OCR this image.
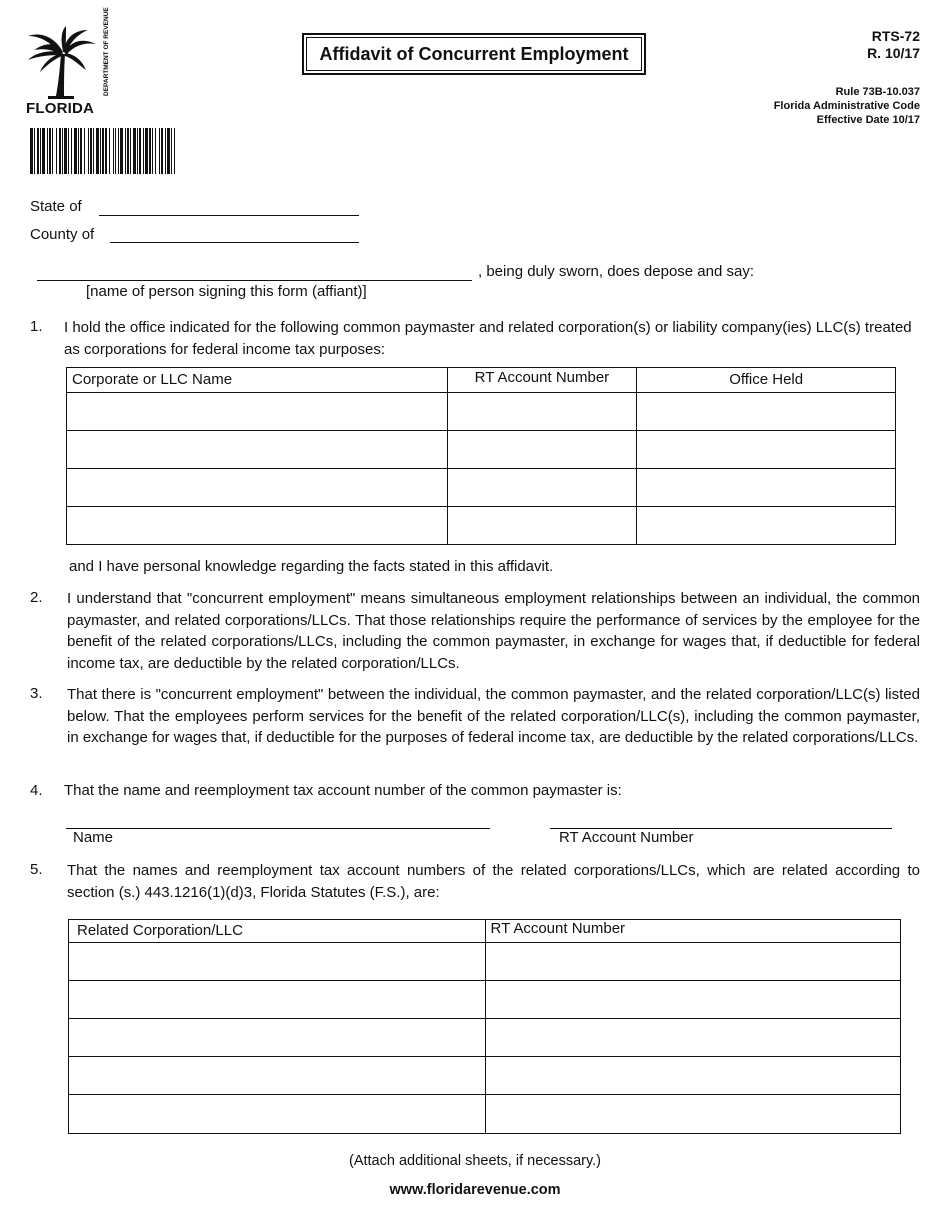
DEPARTMENT OF REVENUE
FLORIDA
Affidavit of Concurrent Employment
RTS-72
R. 10/17
Rule 73B-10.037
Florida Administrative Code
Effective Date 10/17
State of
County of
, being duly sworn, does depose and say:
[name of person signing this form (affiant)]
1. I hold the office indicated for the following common paymaster and related corporation(s) or liability company(ies) LLC(s) treated as corporations for federal income tax purposes:
Corporate or LLC Name	RT Account Number	Office Held

and I have personal knowledge regarding the facts stated in this affidavit.
2. I understand that "concurrent employment" means simultaneous employment relationships between an individual, the common paymaster, and related corporations/LLCs. That those relationships require the performance of services by the employee for the benefit of the related corporations/LLCs, including the common paymaster, in exchange for wages that, if deductible for federal income tax, are deductible by the related corporation/LLCs.
3. That there is "concurrent employment" between the individual, the common paymaster, and the related corporation/LLC(s) listed below. That the employees perform services for the benefit of the related corporation/LLC(s), including the common paymaster, in exchange for wages that, if deductible for the purposes of federal income tax, are deductible by the related corporations/LLCs.
4. That the name and reemployment tax account number of the common paymaster is:
Name	RT Account Number
5. That the names and reemployment tax account numbers of the related corporations/LLCs, which are related according to section (s.) 443.1216(1)(d)3, Florida Statutes (F.S.), are:
Related Corporation/LLC	RT Account Number

(Attach additional sheets, if necessary.)
www.floridarevenue.com
